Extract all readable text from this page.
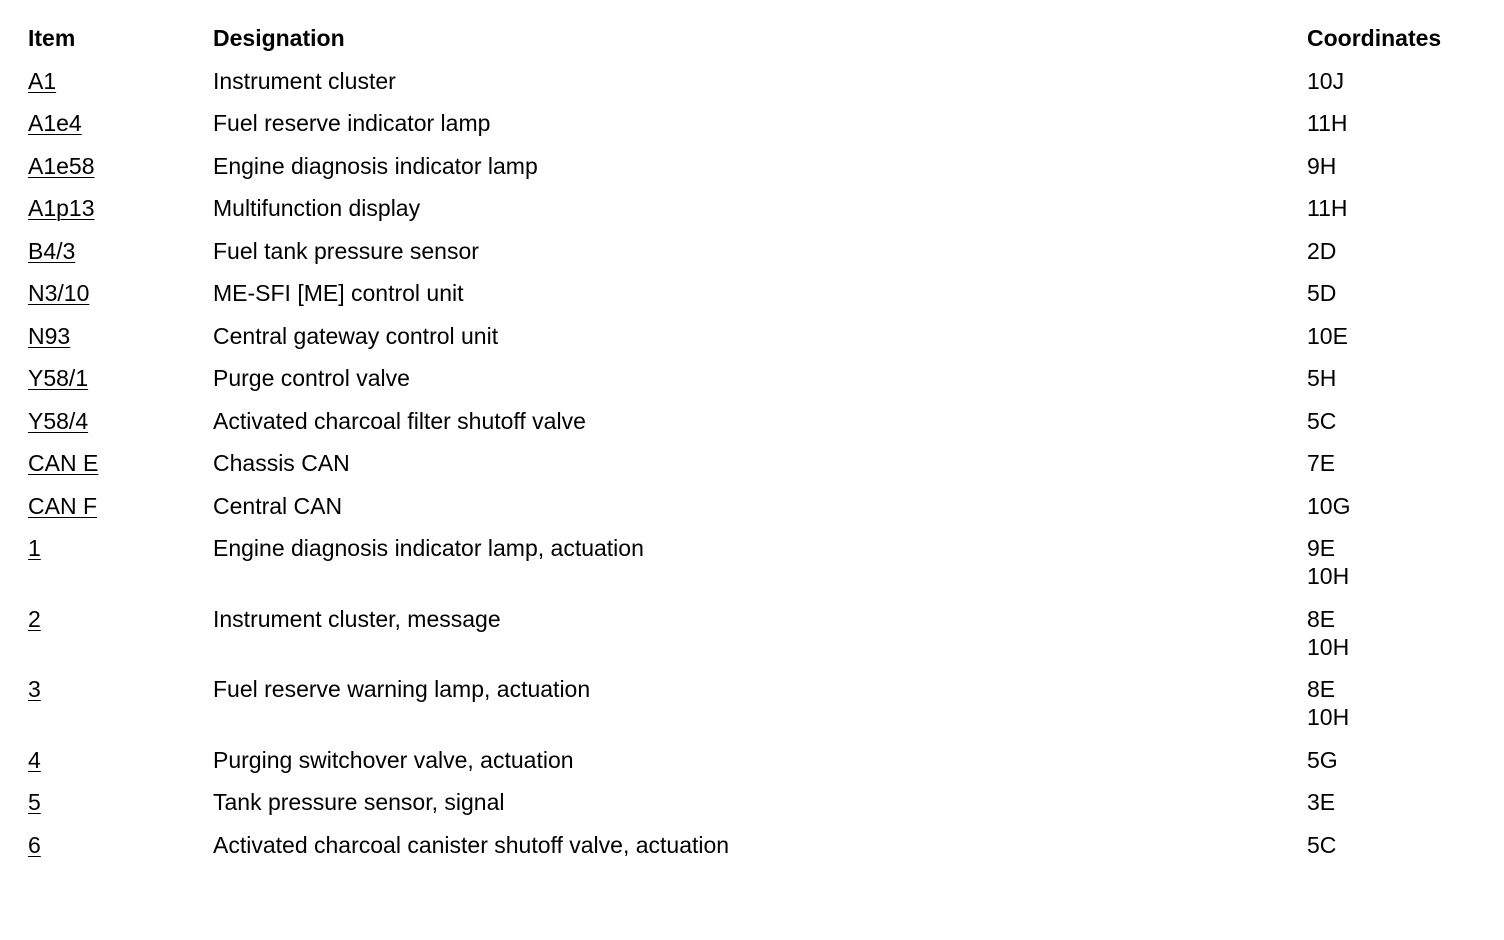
Item	Designation	Coordinates
A1	Instrument cluster	10J
A1e4	Fuel reserve indicator lamp	11H
A1e58	Engine diagnosis indicator lamp	9H
A1p13	Multifunction display	11H
B4/3	Fuel tank pressure sensor	2D
N3/10	ME-SFI [ME] control unit	5D
N93	Central gateway control unit	10E
Y58/1	Purge control valve	5H
Y58/4	Activated charcoal filter shutoff valve	5C
CAN E	Chassis CAN	7E
CAN F	Central CAN	10G
1	Engine diagnosis indicator lamp, actuation	9E
10H
2	Instrument cluster, message	8E
10H
3	Fuel reserve warning lamp, actuation	8E
10H
4	Purging switchover valve, actuation	5G
5	Tank pressure sensor, signal	3E
6	Activated charcoal canister shutoff valve, actuation	5C
